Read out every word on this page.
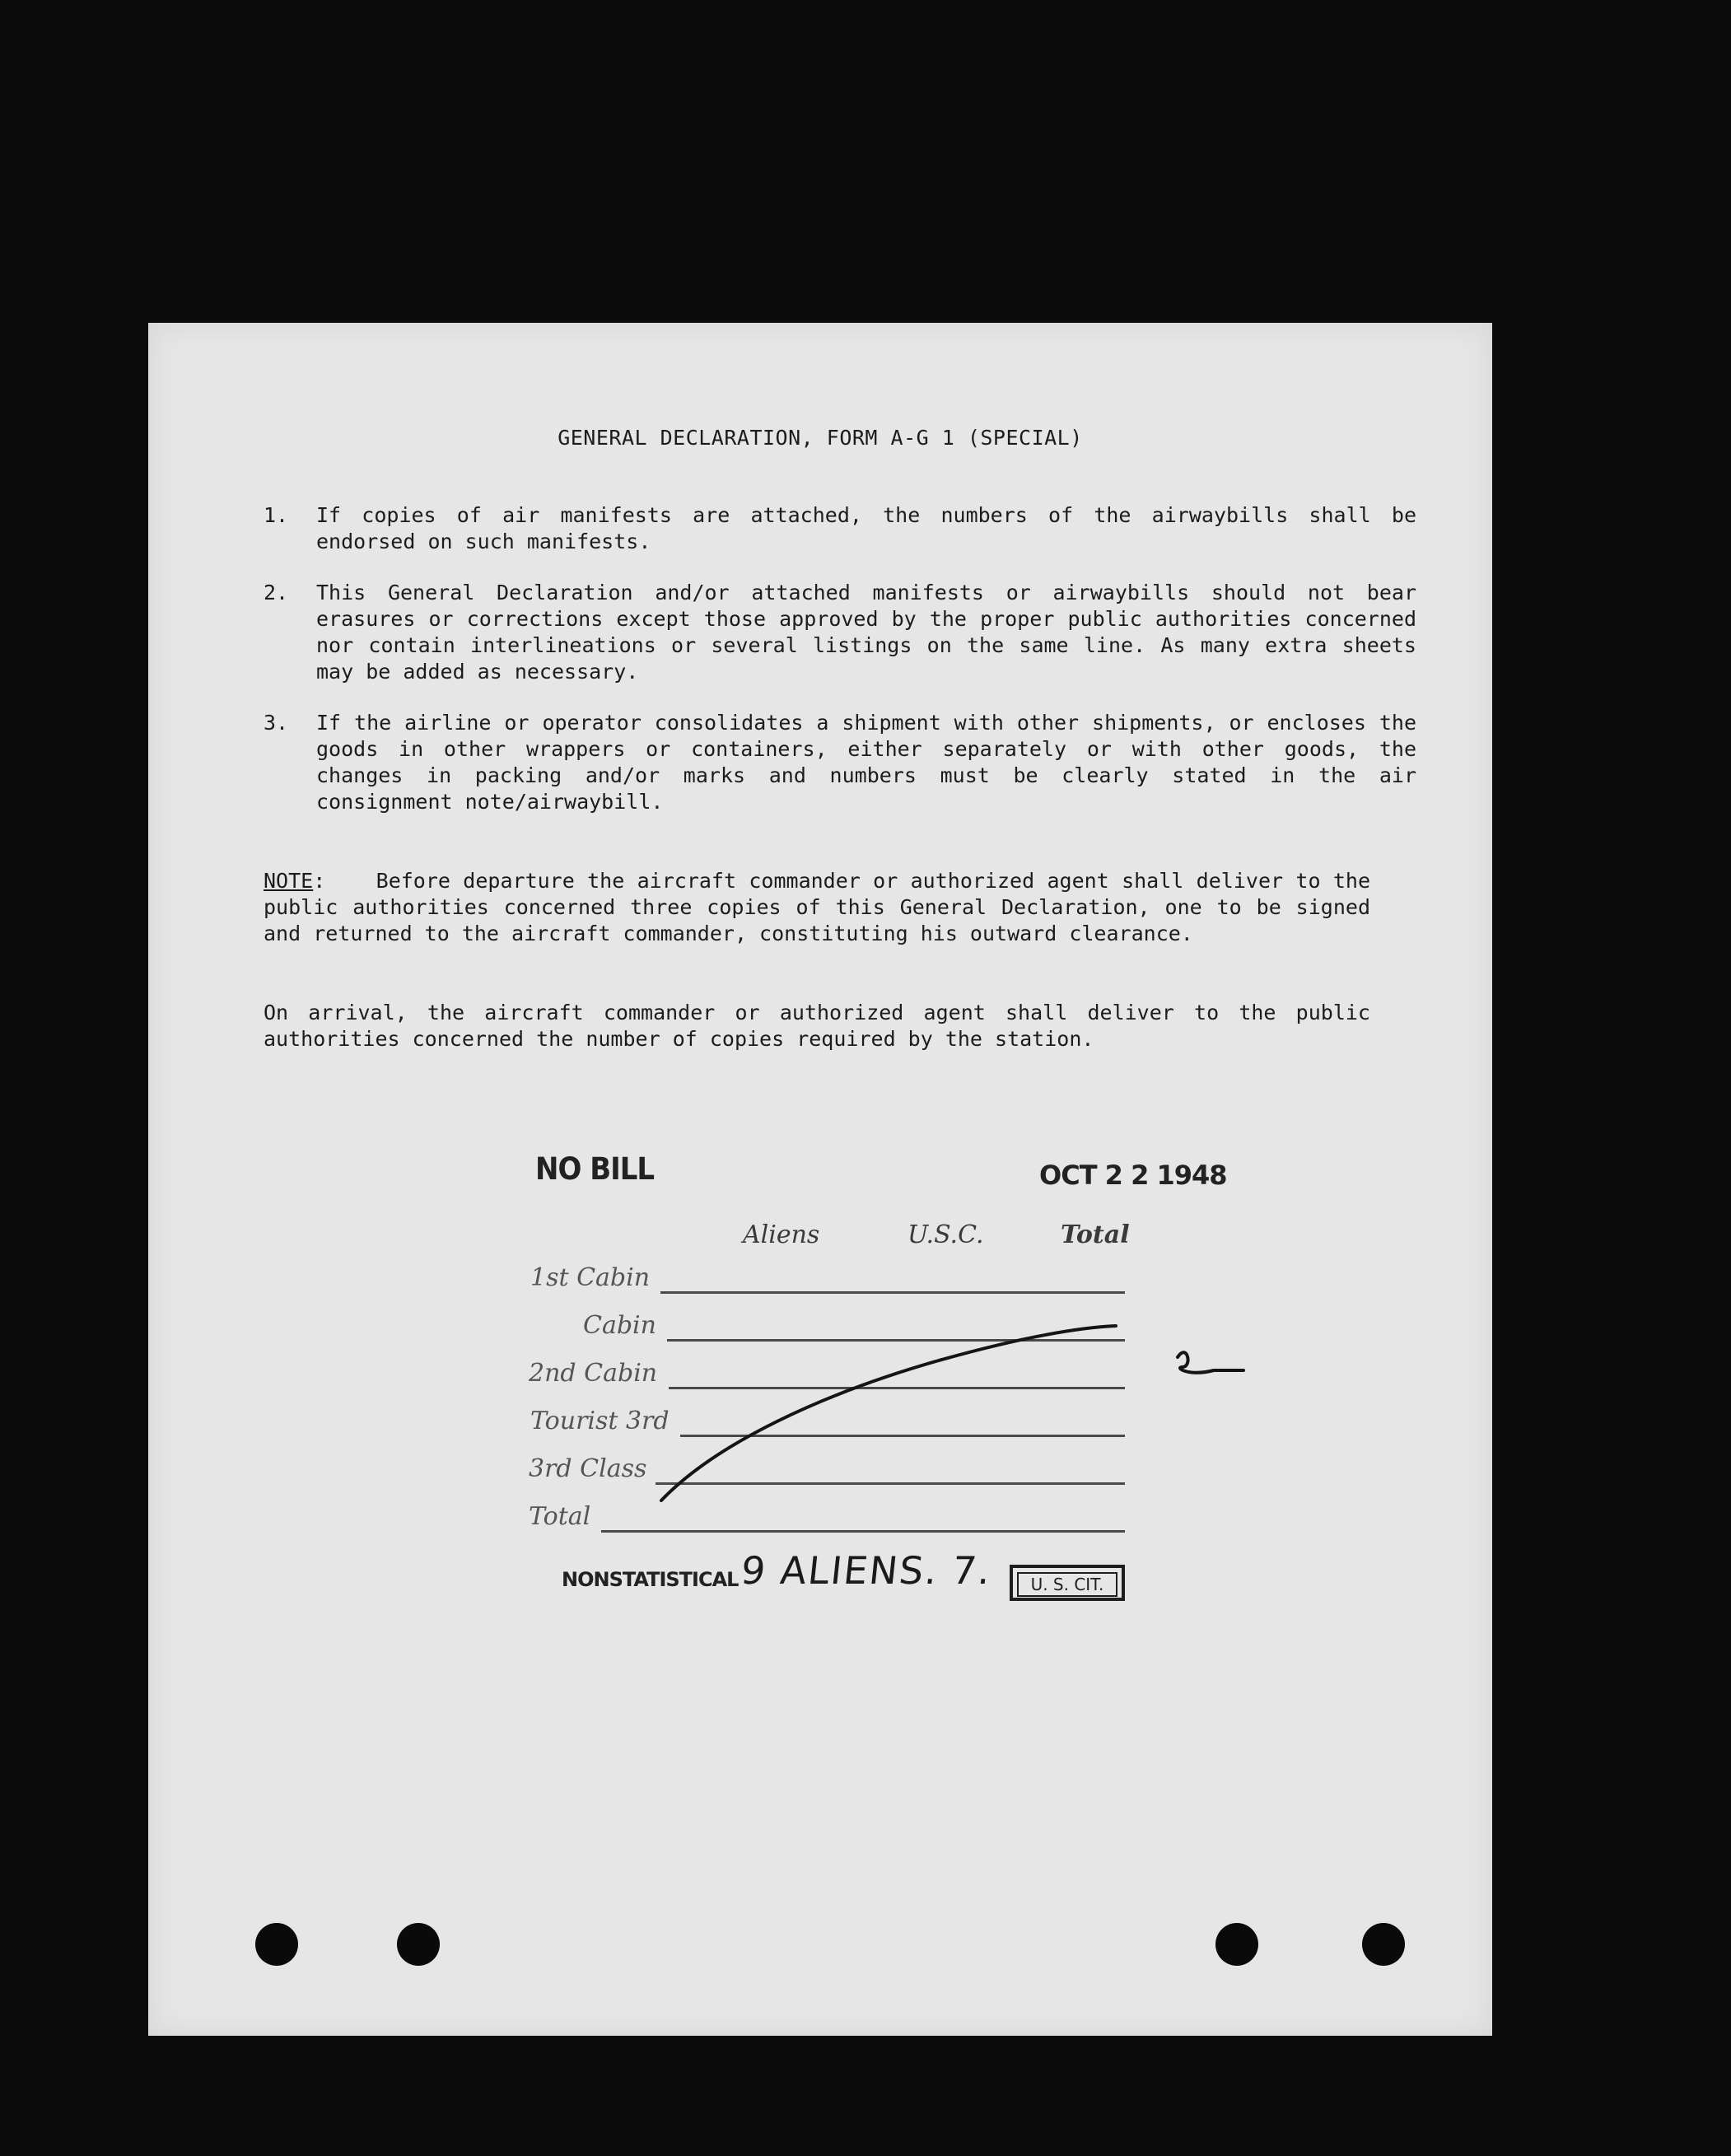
GENERAL DECLARATION, FORM A-G 1 (SPECIAL)
1.	If copies of air manifests are attached, the numbers of the airwaybills shall be endorsed on such manifests.
2.	This General Declaration and/or attached manifests or airwaybills should not bear erasures or corrections except those approved by the proper public authorities concerned nor contain interlineations or several listings on the same line. As many extra sheets may be added as necessary.
3.	If the airline or operator consolidates a shipment with other shipments, or encloses the goods in other wrappers or containers, either separately or with other goods, the changes in packing and/or marks and numbers must be clearly stated in the air consignment note/airwaybill.
NOTE:    Before departure the aircraft commander or authorized agent shall deliver to the public authorities concerned three copies of this General Declaration, one to be signed and returned to the aircraft commander, constituting his outward clearance.
On arrival, the aircraft commander or authorized agent shall deliver to the public authorities concerned the number of copies required by the station.
NO BILL	OCT 2 2 1948
Aliens	U.S.C.	Total
1st Cabin
Cabin
2nd Cabin
Tourist 3rd
3rd Class
Total
NONSTATISTICAL 9 ALIENS. 7.	U. S. CIT.
